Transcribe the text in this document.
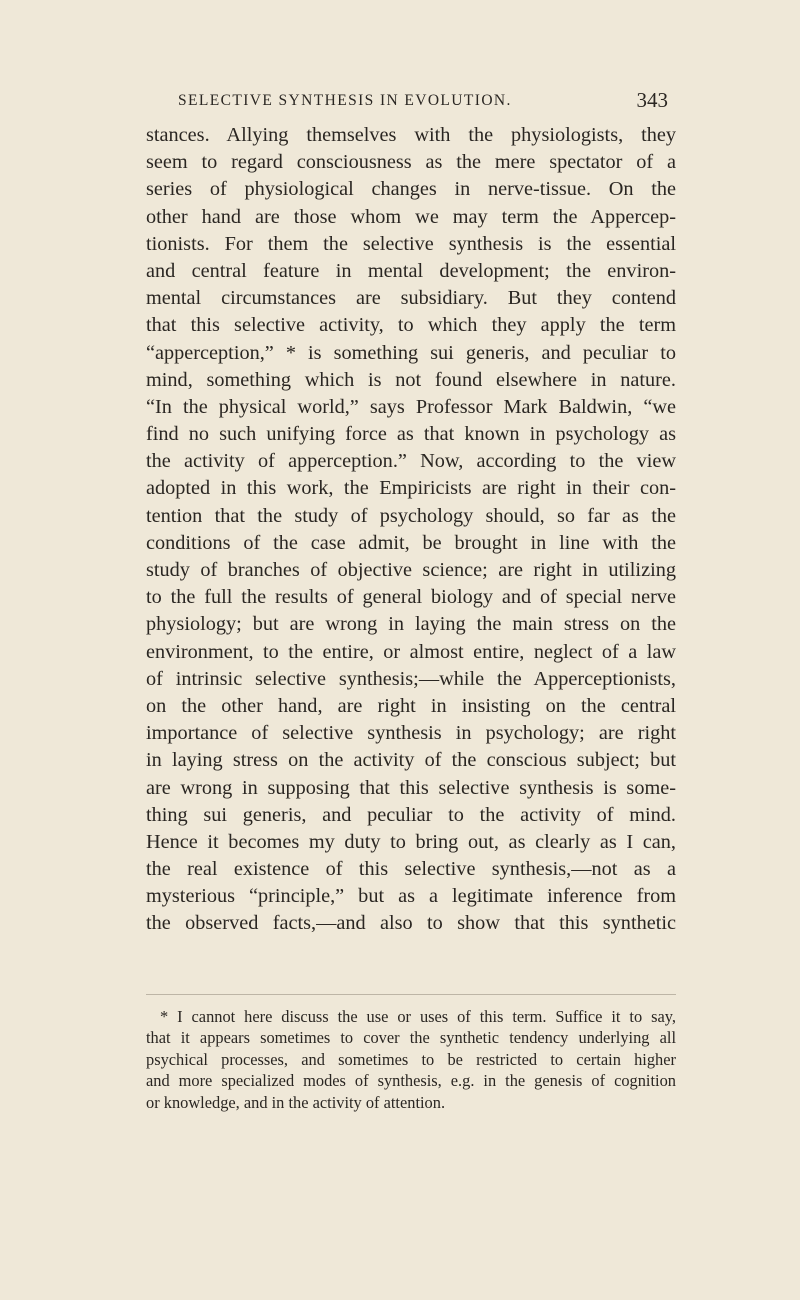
SELECTIVE SYNTHESIS IN EVOLUTION.	343
stances. Allying themselves with the physiologists, they
seem to regard consciousness as the mere spectator of a
series of physiological changes in nerve-tissue. On the
other hand are those whom we may term the Appercep-
tionists. For them the selective synthesis is the essential
and central feature in mental development; the environ-
mental circumstances are subsidiary. But they contend
that this selective activity, to which they apply the term
“apperception,” * is something sui generis, and peculiar to
mind, something which is not found elsewhere in nature.
“In the physical world,” says Professor Mark Baldwin, “we
find no such unifying force as that known in psychology as
the activity of apperception.” Now, according to the view
adopted in this work, the Empiricists are right in their con-
tention that the study of psychology should, so far as the
conditions of the case admit, be brought in line with the
study of branches of objective science; are right in utilizing
to the full the results of general biology and of special nerve
physiology; but are wrong in laying the main stress on the
environment, to the entire, or almost entire, neglect of a law
of intrinsic selective synthesis;—while the Apperceptionists,
on the other hand, are right in insisting on the central
importance of selective synthesis in psychology; are right
in laying stress on the activity of the conscious subject; but
are wrong in supposing that this selective synthesis is some-
thing sui generis, and peculiar to the activity of mind.
Hence it becomes my duty to bring out, as clearly as I can,
the real existence of this selective synthesis,—not as a
mysterious “principle,” but as a legitimate inference from
the observed facts,—and also to show that this synthetic
* I cannot here discuss the use or uses of this term. Suffice it to say,
that it appears sometimes to cover the synthetic tendency underlying all
psychical processes, and sometimes to be restricted to certain higher
and more specialized modes of synthesis, e.g. in the genesis of cognition
or knowledge, and in the activity of attention.
